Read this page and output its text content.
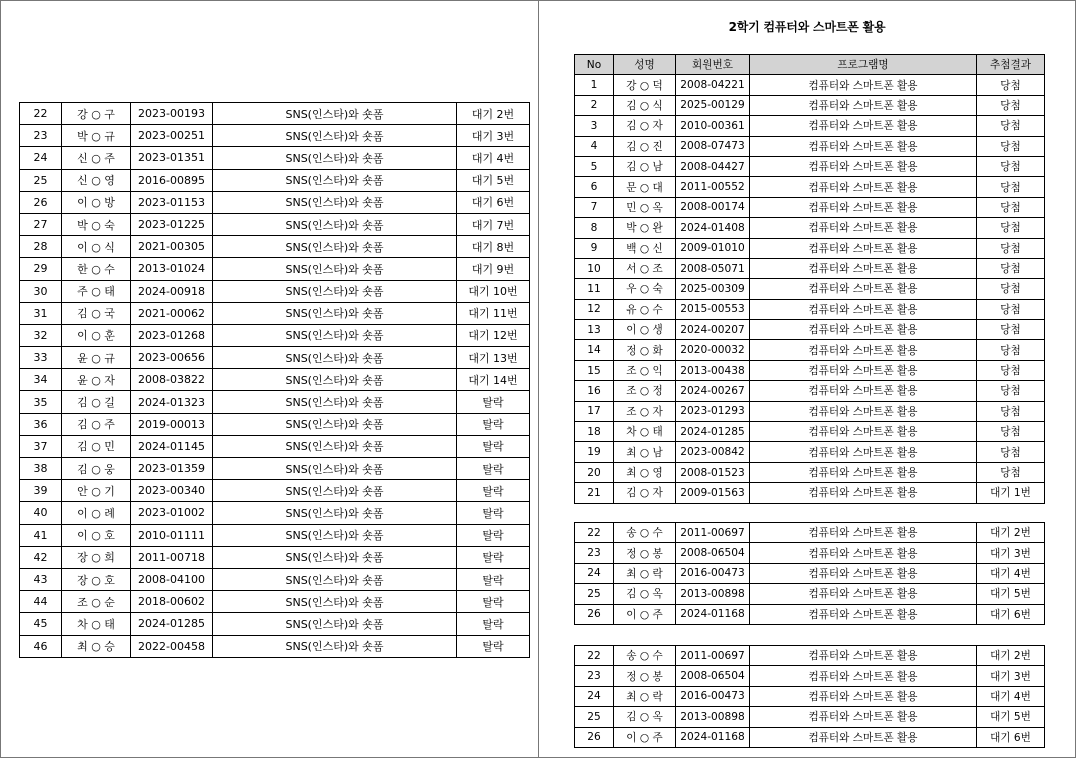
22	강 ○ 구	2023-00193	SNS(인스타)와 숏폼	대기 2번
23	박 ○ 규	2023-00251	SNS(인스타)와 숏폼	대기 3번
24	신 ○ 주	2023-01351	SNS(인스타)와 숏폼	대기 4번
25	신 ○ 영	2016-00895	SNS(인스타)와 숏폼	대기 5번
26	이 ○ 방	2023-01153	SNS(인스타)와 숏폼	대기 6번
27	박 ○ 숙	2023-01225	SNS(인스타)와 숏폼	대기 7번
28	이 ○ 식	2021-00305	SNS(인스타)와 숏폼	대기 8번
29	한 ○ 수	2013-01024	SNS(인스타)와 숏폼	대기 9번
30	주 ○ 태	2024-00918	SNS(인스타)와 숏폼	대기 10번
31	김 ○ 국	2021-00062	SNS(인스타)와 숏폼	대기 11번
32	이 ○ 훈	2023-01268	SNS(인스타)와 숏폼	대기 12번
33	윤 ○ 규	2023-00656	SNS(인스타)와 숏폼	대기 13번
34	윤 ○ 자	2008-03822	SNS(인스타)와 숏폼	대기 14번
35	김 ○ 길	2024-01323	SNS(인스타)와 숏폼	탈락
36	김 ○ 주	2019-00013	SNS(인스타)와 숏폼	탈락
37	김 ○ 민	2024-01145	SNS(인스타)와 숏폼	탈락
38	김 ○ 웅	2023-01359	SNS(인스타)와 숏폼	탈락
39	안 ○ 기	2023-00340	SNS(인스타)와 숏폼	탈락
40	이 ○ 례	2023-01002	SNS(인스타)와 숏폼	탈락
41	이 ○ 호	2010-01111	SNS(인스타)와 숏폼	탈락
42	장 ○ 희	2011-00718	SNS(인스타)와 숏폼	탈락
43	장 ○ 호	2008-04100	SNS(인스타)와 숏폼	탈락
44	조 ○ 순	2018-00602	SNS(인스타)와 숏폼	탈락
45	차 ○ 태	2024-01285	SNS(인스타)와 숏폼	탈락
46	최 ○ 승	2022-00458	SNS(인스타)와 숏폼	탈락
2학기 컴퓨터와 스마트폰 활용
No	성명	회원번호	프로그램명	추첨결과
1	강 ○ 덕	2008-04221	컴퓨터와 스마트폰 활용	당첨
2	김 ○ 식	2025-00129	컴퓨터와 스마트폰 활용	당첨
3	김 ○ 자	2010-00361	컴퓨터와 스마트폰 활용	당첨
4	김 ○ 진	2008-07473	컴퓨터와 스마트폰 활용	당첨
5	김 ○ 남	2008-04427	컴퓨터와 스마트폰 활용	당첨
6	문 ○ 대	2011-00552	컴퓨터와 스마트폰 활용	당첨
7	민 ○ 옥	2008-00174	컴퓨터와 스마트폰 활용	당첨
8	박 ○ 완	2024-01408	컴퓨터와 스마트폰 활용	당첨
9	백 ○ 신	2009-01010	컴퓨터와 스마트폰 활용	당첨
10	서 ○ 조	2008-05071	컴퓨터와 스마트폰 활용	당첨
11	우 ○ 숙	2025-00309	컴퓨터와 스마트폰 활용	당첨
12	유 ○ 수	2015-00553	컴퓨터와 스마트폰 활용	당첨
13	이 ○ 생	2024-00207	컴퓨터와 스마트폰 활용	당첨
14	정 ○ 화	2020-00032	컴퓨터와 스마트폰 활용	당첨
15	조 ○ 익	2013-00438	컴퓨터와 스마트폰 활용	당첨
16	조 ○ 정	2024-00267	컴퓨터와 스마트폰 활용	당첨
17	조 ○ 자	2023-01293	컴퓨터와 스마트폰 활용	당첨
18	차 ○ 태	2024-01285	컴퓨터와 스마트폰 활용	당첨
19	최 ○ 남	2023-00842	컴퓨터와 스마트폰 활용	당첨
20	최 ○ 영	2008-01523	컴퓨터와 스마트폰 활용	당첨
21	김 ○ 자	2009-01563	컴퓨터와 스마트폰 활용	대기 1번
22	송 ○ 수	2011-00697	컴퓨터와 스마트폰 활용	대기 2번
23	정 ○ 봉	2008-06504	컴퓨터와 스마트폰 활용	대기 3번
24	최 ○ 락	2016-00473	컴퓨터와 스마트폰 활용	대기 4번
25	김 ○ 옥	2013-00898	컴퓨터와 스마트폰 활용	대기 5번
26	이 ○ 주	2024-01168	컴퓨터와 스마트폰 활용	대기 6번
22	송 ○ 수	2011-00697	컴퓨터와 스마트폰 활용	대기 2번
23	정 ○ 봉	2008-06504	컴퓨터와 스마트폰 활용	대기 3번
24	최 ○ 락	2016-00473	컴퓨터와 스마트폰 활용	대기 4번
25	김 ○ 옥	2013-00898	컴퓨터와 스마트폰 활용	대기 5번
26	이 ○ 주	2024-01168	컴퓨터와 스마트폰 활용	대기 6번
